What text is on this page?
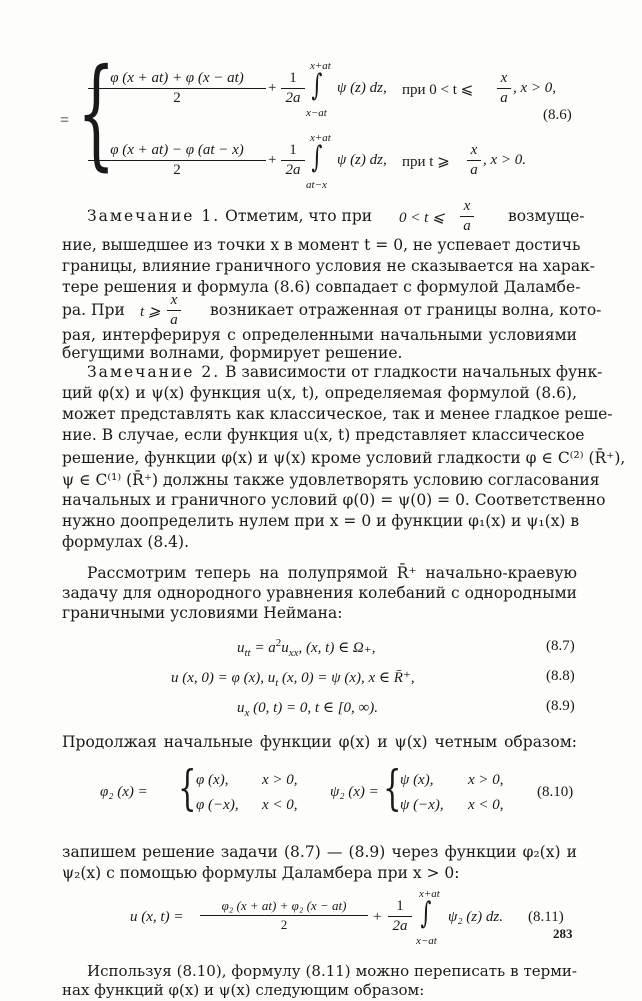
= {
$\frac{\varphi (x + at) + \varphi (x - at)}{2} + \frac{1}{2a}$
x+at
∫
x−at
ψ (z) dz, при 0 < t ⩽ $\frac{x}{a}$ , x > 0,
(8.6)
$\frac{\varphi (x + at) - \varphi (at - x)}{2} + \frac{1}{2a}$
x+at
∫
at−x
ψ (z) dz, при t ⩾ $\frac{x}{a}$ , x > 0.
Замечание 1. Отметим, что при 0 < t ⩽ $\frac{x}{a}$ возмуще-
ние, вышедшее из точки x в момент t = 0, не успевает достичь
границы, влияние граничного условия не сказывается на харак-
тере решения и формула (8.6) совпадает с формулой Даламбе-
ра. При t ⩾ $\frac{x}{a}$ возникает отраженная от границы волна, кото-
рая, интерферируя с определенными начальными условиями
бегущими волнами, формирует решение.
Замечание 2. В зависимости от гладкости начальных функ-
ций φ(x) и ψ(x) функция u(x, t), определяемая формулой (8.6),
может представлять как классическое, так и менее гладкое реше-
ние. В случае, если функция u(x, t) представляет классическое
решение, функции φ(x) и ψ(x) кроме условий гладкости φ ∈ C⁽²⁾ (R̄⁺),
ψ ∈ C⁽¹⁾ (R̄⁺) должны также удовлетворять условию согласования
начальных и граничного условий φ(0) = ψ(0) = 0. Соответственно
нужно доопределить нулем при x = 0 и функции φ₁(x) и ψ₁(x) в
формулах (8.4).
Рассмотрим теперь на полупрямой R̄⁺ начально-краевую
задачу для однородного уравнения колебаний с однородными
граничными условиями Неймана:
$u_{tt} = a^2u_{xx}$, (x, t) ∈ Ω₊,	(8.7)
u (x, 0) = φ (x), $u_t$ (x, 0) = ψ (x), x ∈ R̄⁺,	(8.8)
$u_x$ (0, t) = 0, t ∈ [0, ∞).	(8.9)
Продолжая начальные функции φ(x) и ψ(x) четным образом:
φ₂ (x) = { φ (x), x > 0,
φ (−x), x < 0,
ψ₂ (x) = {
ψ (x), x > 0,
ψ (−x), x < 0,
(8.10)
запишем решение задачи (8.7) — (8.9) через функции φ₂(x) и
ψ₂(x) с помощью формулы Даламбера при x > 0:
u (x, $t) = \frac{\text{φ₂ (x + at) + φ₂ (x − at)}}{2} + \frac{1}{2a}$
x+at
∫
x−at
ψ₂ (z) dz. (8.11)
Используя (8.10), формулу (8.11) можно переписать в терми-
нах функций φ(x) и ψ(x) следующим образом:
283
